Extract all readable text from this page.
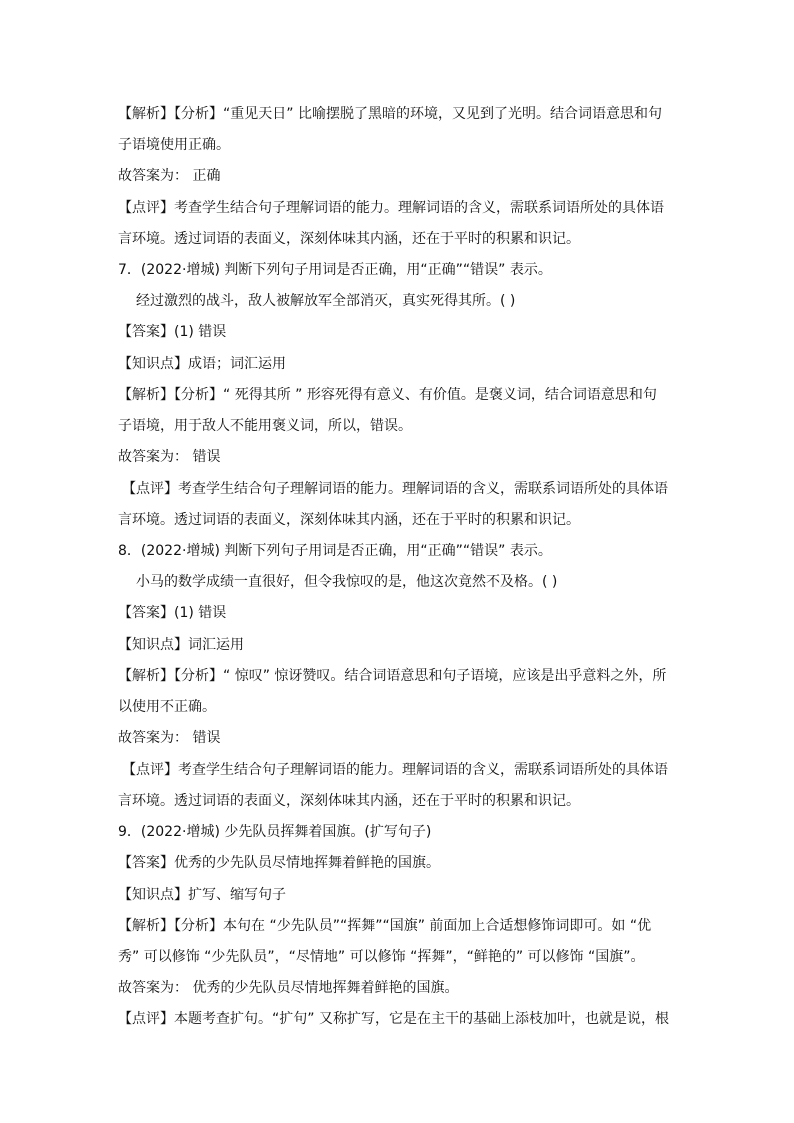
【解析】【分析】“重见天日” 比喻摆脱了黑暗的环境，又见到了光明。结合词语意思和句
子语境使用正确。
故答案为： 正确
【点评】考查学生结合句子理解词语的能力。理解词语的含义，需联系词语所处的具体语
言环境。透过词语的表面义，深刻体味其内涵，还在于平时的积累和识记。
7．(2022·增城) 判断下列句子用词是否正确，用“正确”“错误” 表示。
经过激烈的战斗，敌人被解放军全部消灭，真实死得其所。( )
【答案】(1) 错误
【知识点】成语；词汇运用
【解析】【分析】“ 死得其所 ” 形容死得有意义、有价值。是褒义词，结合词语意思和句
子语境，用于敌人不能用褒义词，所以，错误。
故答案为： 错误
【点评】考查学生结合句子理解词语的能力。理解词语的含义，需联系词语所处的具体语
言环境。透过词语的表面义，深刻体味其内涵，还在于平时的积累和识记。
8．(2022·增城) 判断下列句子用词是否正确，用“正确”“错误” 表示。
小马的数学成绩一直很好，但令我惊叹的是，他这次竟然不及格。( )
【答案】(1) 错误
【知识点】词汇运用
【解析】【分析】“ 惊叹” 惊讶赞叹。结合词语意思和句子语境，应该是出乎意料之外，所
以使用不正确。
故答案为： 错误
【点评】考查学生结合句子理解词语的能力。理解词语的含义，需联系词语所处的具体语
言环境。透过词语的表面义，深刻体味其内涵，还在于平时的积累和识记。
9．(2022·增城) 少先队员挥舞着国旗。(扩写句子)
【答案】优秀的少先队员尽情地挥舞着鲜艳的国旗。
【知识点】扩写、缩写句子
【解析】【分析】本句在 “少先队员”“挥舞”“国旗” 前面加上合适想修饰词即可。如 “优
秀” 可以修饰 “少先队员”，“尽情地” 可以修饰 “挥舞”，“鲜艳的” 可以修饰 “国旗”。
故答案为： 优秀的少先队员尽情地挥舞着鲜艳的国旗。
【点评】本题考查扩句。“扩句” 又称扩写，它是在主干的基础上添枝加叶，也就是说，根
